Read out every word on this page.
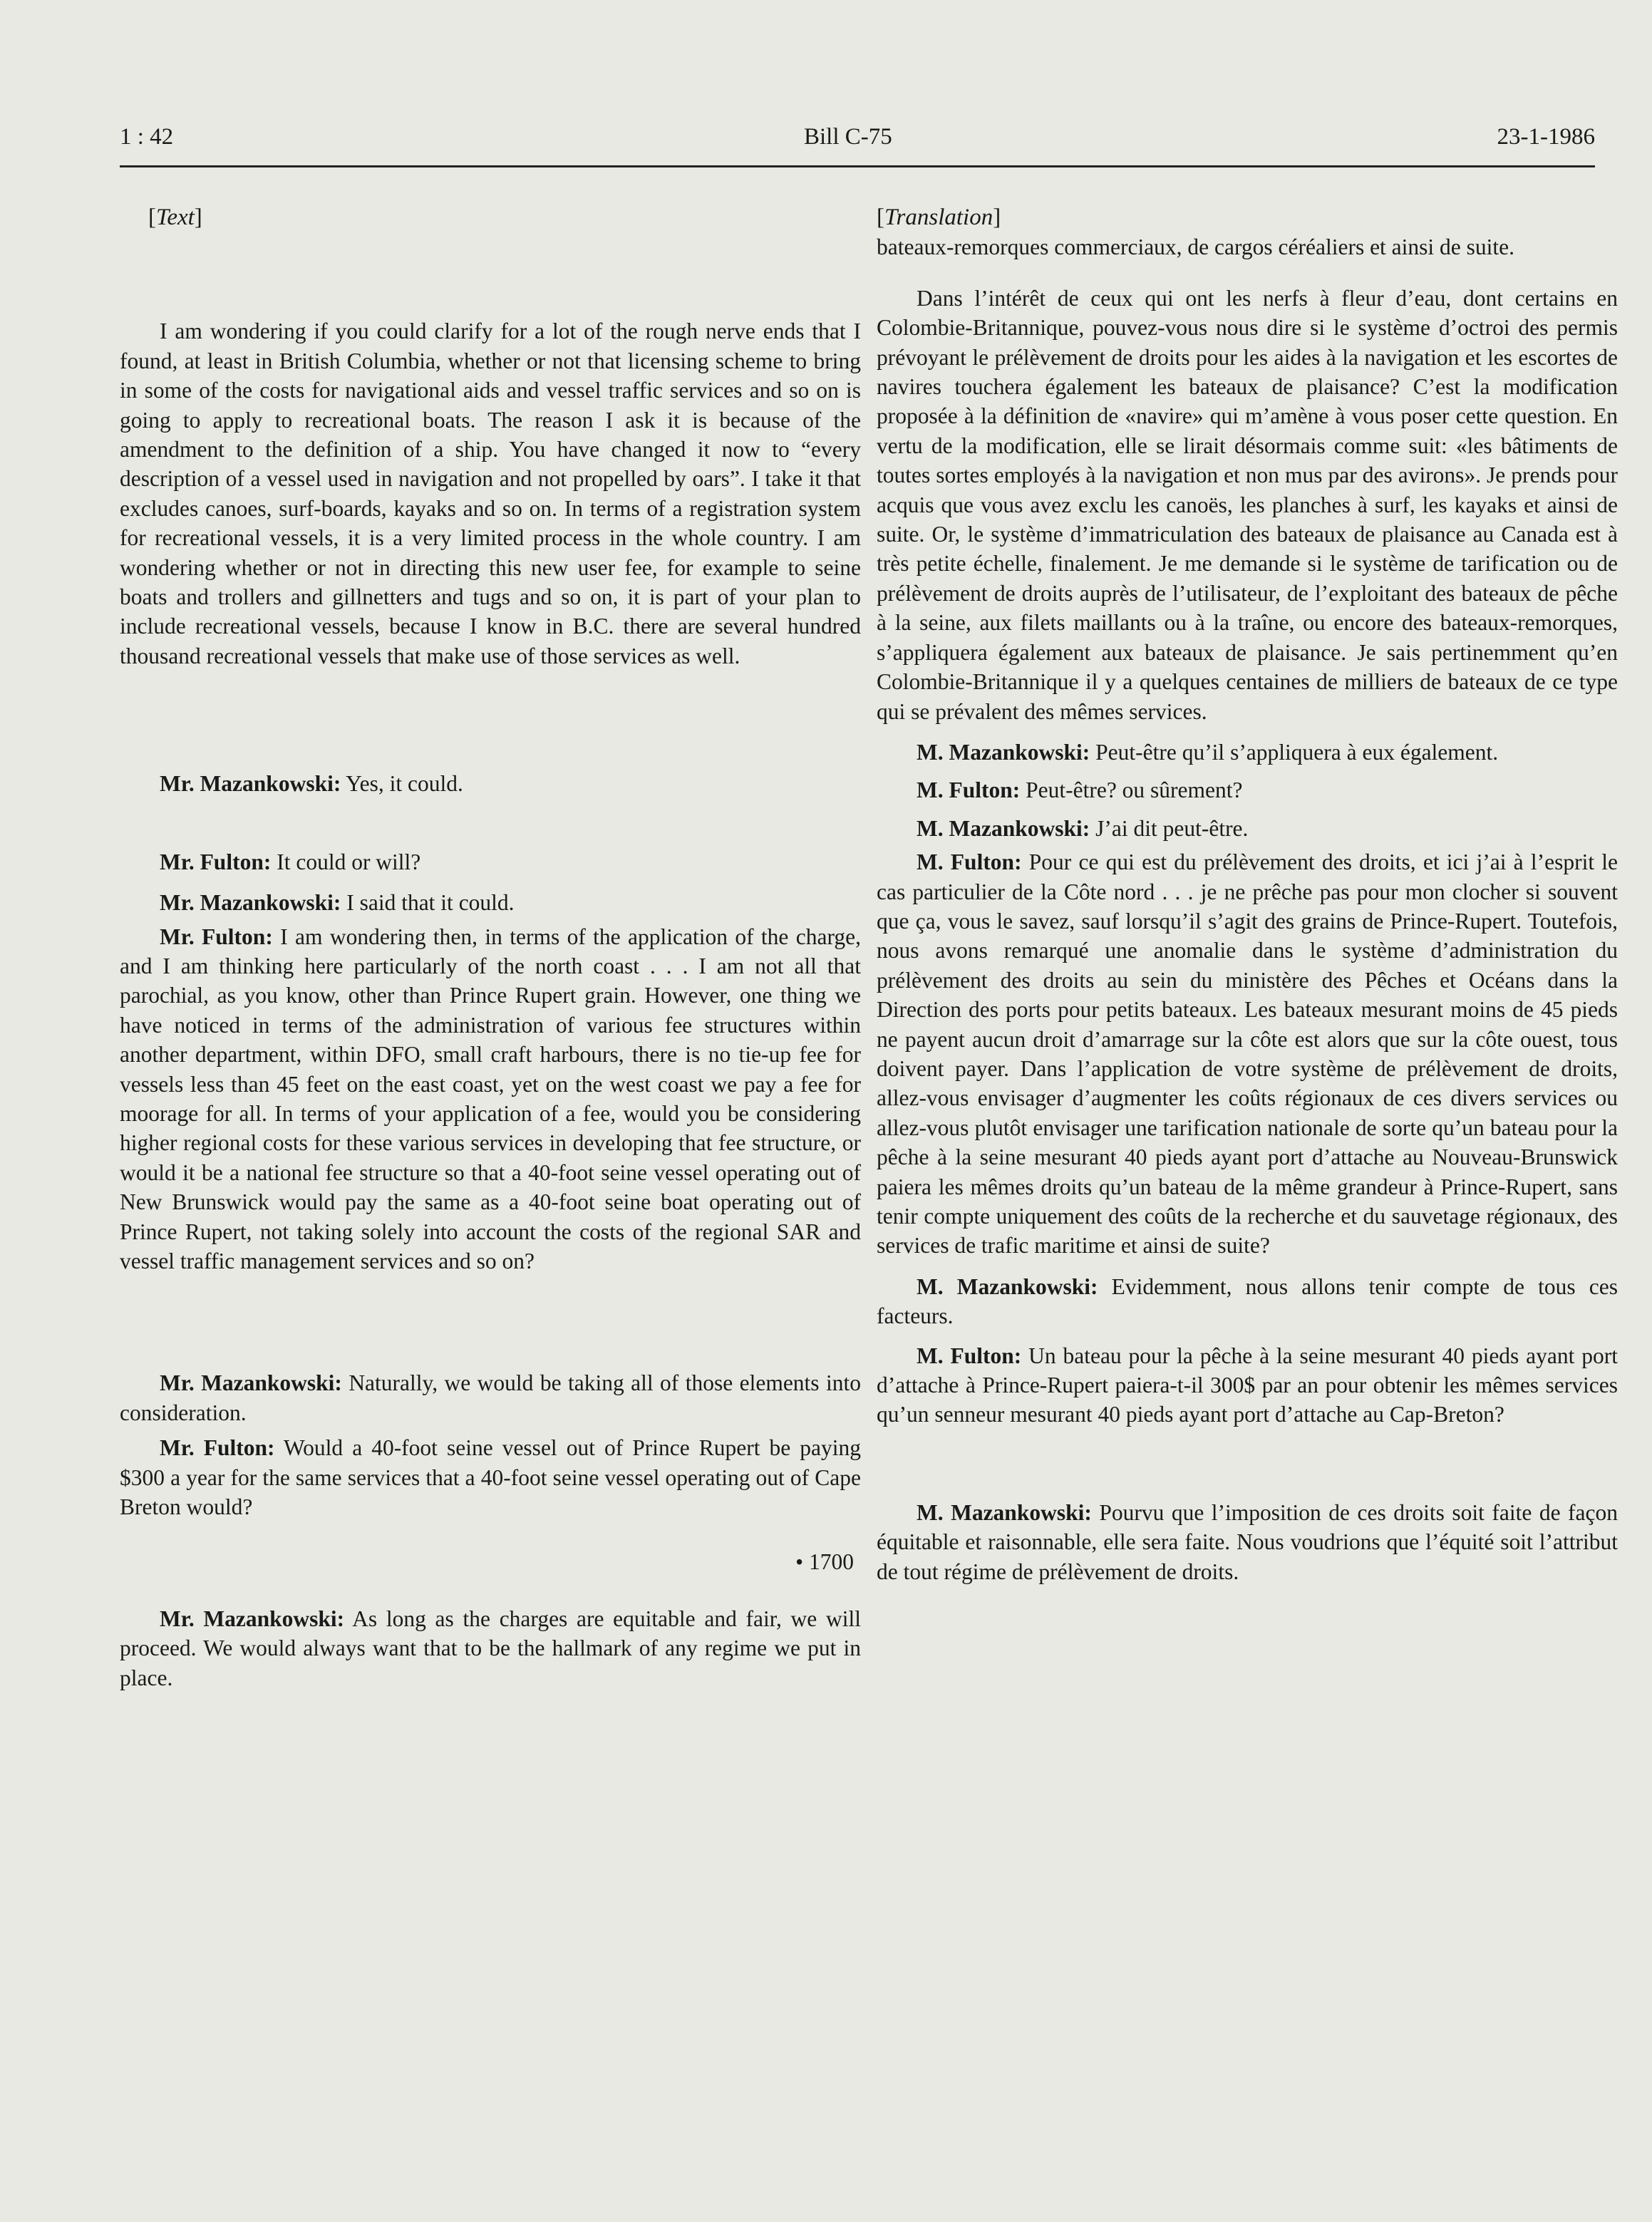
1 : 42	Bill C-75	23-1-1986

[Text]

I am wondering if you could clarify for a lot of the rough nerve ends that I found, at least in British Columbia, whether or not that licensing scheme to bring in some of the costs for navigational aids and vessel traffic services and so on is going to apply to recreational boats. The reason I ask it is because of the amendment to the definition of a ship. You have changed it now to “every description of a vessel used in navigation and not propelled by oars”. I take it that excludes canoes, surf-boards, kayaks and so on. In terms of a registration system for recreational vessels, it is a very limited process in the whole country. I am wondering whether or not in directing this new user fee, for example to seine boats and trollers and gillnetters and tugs and so on, it is part of your plan to include recreational vessels, because I know in B.C. there are several hundred thousand recreational vessels that make use of those services as well.

Mr. Mazankowski: Yes, it could.

Mr. Fulton: It could or will?

Mr. Mazankowski: I said that it could.

Mr. Fulton: I am wondering then, in terms of the application of the charge, and I am thinking here particularly of the north coast . . . I am not all that parochial, as you know, other than Prince Rupert grain. However, one thing we have noticed in terms of the administration of various fee structures within another department, within DFO, small craft harbours, there is no tie-up fee for vessels less than 45 feet on the east coast, yet on the west coast we pay a fee for moorage for all. In terms of your application of a fee, would you be considering higher regional costs for these various services in developing that fee structure, or would it be a national fee structure so that a 40-foot seine vessel operating out of New Brunswick would pay the same as a 40-foot seine boat operating out of Prince Rupert, not taking solely into account the costs of the regional SAR and vessel traffic management services and so on?

Mr. Mazankowski: Naturally, we would be taking all of those elements into consideration.

Mr. Fulton: Would a 40-foot seine vessel out of Prince Rupert be paying $300 a year for the same services that a 40-foot seine vessel operating out of Cape Breton would?

• 1700

Mr. Mazankowski: As long as the charges are equitable and fair, we will proceed. We would always want that to be the hallmark of any regime we put in place.

[Translation]

bateaux-remorques commerciaux, de cargos céréaliers et ainsi de suite.

Dans l’intérêt de ceux qui ont les nerfs à fleur d’eau, dont certains en Colombie-Britannique, pouvez-vous nous dire si le système d’octroi des permis prévoyant le prélèvement de droits pour les aides à la navigation et les escortes de navires touchera également les bateaux de plaisance? C’est la modification proposée à la définition de «navire» qui m’amène à vous poser cette question. En vertu de la modification, elle se lirait désormais comme suit: «les bâtiments de toutes sortes employés à la navigation et non mus par des avirons». Je prends pour acquis que vous avez exclu les canoës, les planches à surf, les kayaks et ainsi de suite. Or, le système d’immatriculation des bateaux de plaisance au Canada est à très petite échelle, finalement. Je me demande si le système de tarification ou de prélèvement de droits auprès de l’utilisateur, de l’exploitant des bateaux de pêche à la seine, aux filets maillants ou à la traîne, ou encore des bateaux-remorques, s’appliquera également aux bateaux de plaisance. Je sais pertinemment qu’en Colombie-Britannique il y a quelques centaines de milliers de bateaux de ce type qui se prévalent des mêmes services.

M. Mazankowski: Peut-être qu’il s’appliquera à eux également.

M. Fulton: Peut-être? ou sûrement?

M. Mazankowski: J’ai dit peut-être.

M. Fulton: Pour ce qui est du prélèvement des droits, et ici j’ai à l’esprit le cas particulier de la Côte nord . . . je ne prêche pas pour mon clocher si souvent que ça, vous le savez, sauf lorsqu’il s’agit des grains de Prince-Rupert. Toutefois, nous avons remarqué une anomalie dans le système d’administration du prélèvement des droits au sein du ministère des Pêches et Océans dans la Direction des ports pour petits bateaux. Les bateaux mesurant moins de 45 pieds ne payent aucun droit d’amarrage sur la côte est alors que sur la côte ouest, tous doivent payer. Dans l’application de votre système de prélèvement de droits, allez-vous envisager d’augmenter les coûts régionaux de ces divers services ou allez-vous plutôt envisager une tarification nationale de sorte qu’un bateau pour la pêche à la seine mesurant 40 pieds ayant port d’attache au Nouveau-Brunswick paiera les mêmes droits qu’un bateau de la même grandeur à Prince-Rupert, sans tenir compte uniquement des coûts de la recherche et du sauvetage régionaux, des services de trafic maritime et ainsi de suite?

M. Mazankowski: Evidemment, nous allons tenir compte de tous ces facteurs.

M. Fulton: Un bateau pour la pêche à la seine mesurant 40 pieds ayant port d’attache à Prince-Rupert paiera-t-il 300$ par an pour obtenir les mêmes services qu’un senneur mesurant 40 pieds ayant port d’attache au Cap-Breton?

M. Mazankowski: Pourvu que l’imposition de ces droits soit faite de façon équitable et raisonnable, elle sera faite. Nous voudrions que l’équité soit l’attribut de tout régime de prélèvement de droits.
